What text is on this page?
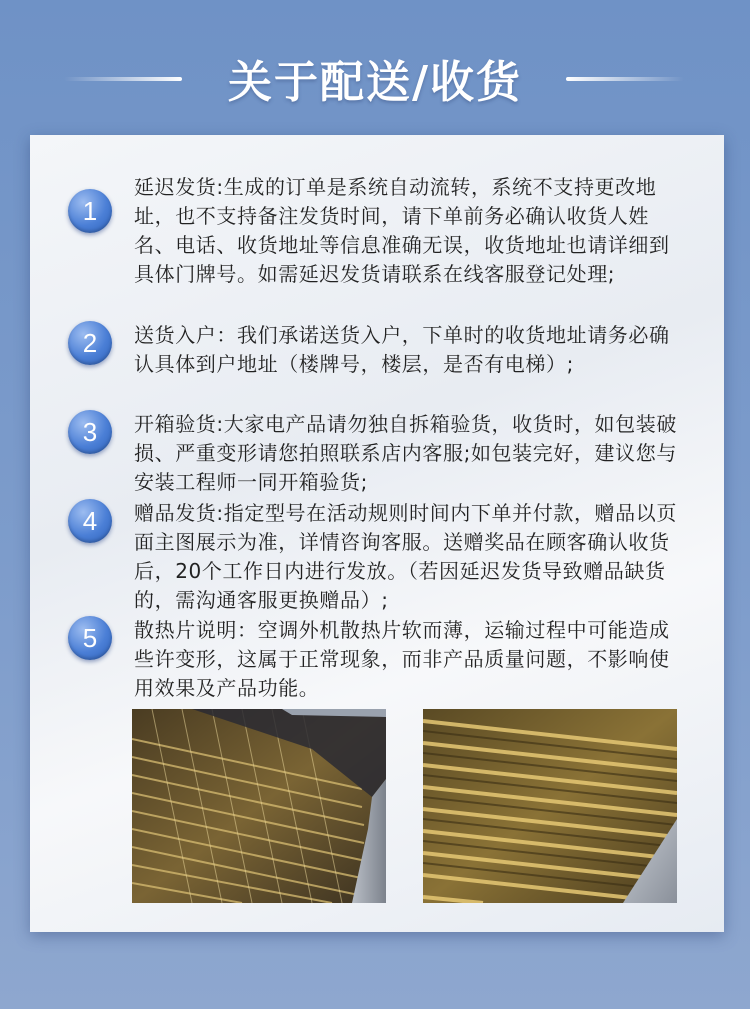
关于配送/收货
1
延迟发货:生成的订单是系统自动流转，系统不支持更改地址，也不支持备注发货时间，请下单前务必确认收货人姓名、电话、收货地址等信息准确无误，收货地址也请详细到具体门牌号。如需延迟发货请联系在线客服登记处理;
2	送货入户：我们承诺送货入户，下单时的收货地址请务必确认具体到户地址（楼牌号，楼层，是否有电梯）;
3	开箱验货:大家电产品请勿独自拆箱验货，收货时，如包装破损、严重变形请您拍照联系店内客服;如包装完好，建议您与安装工程师一同开箱验货;
4	赠品发货:指定型号在活动规则时间内下单并付款，赠品以页面主图展示为准，详情咨询客服。送赠奖品在顾客确认收货后，20个工作日内进行发放。（若因延迟发货导致赠品缺货的，需沟通客服更换赠品）;
5	散热片说明：空调外机散热片软而薄，运输过程中可能造成些许变形，这属于正常现象，而非产品质量问题，不影响使用效果及产品功能。
